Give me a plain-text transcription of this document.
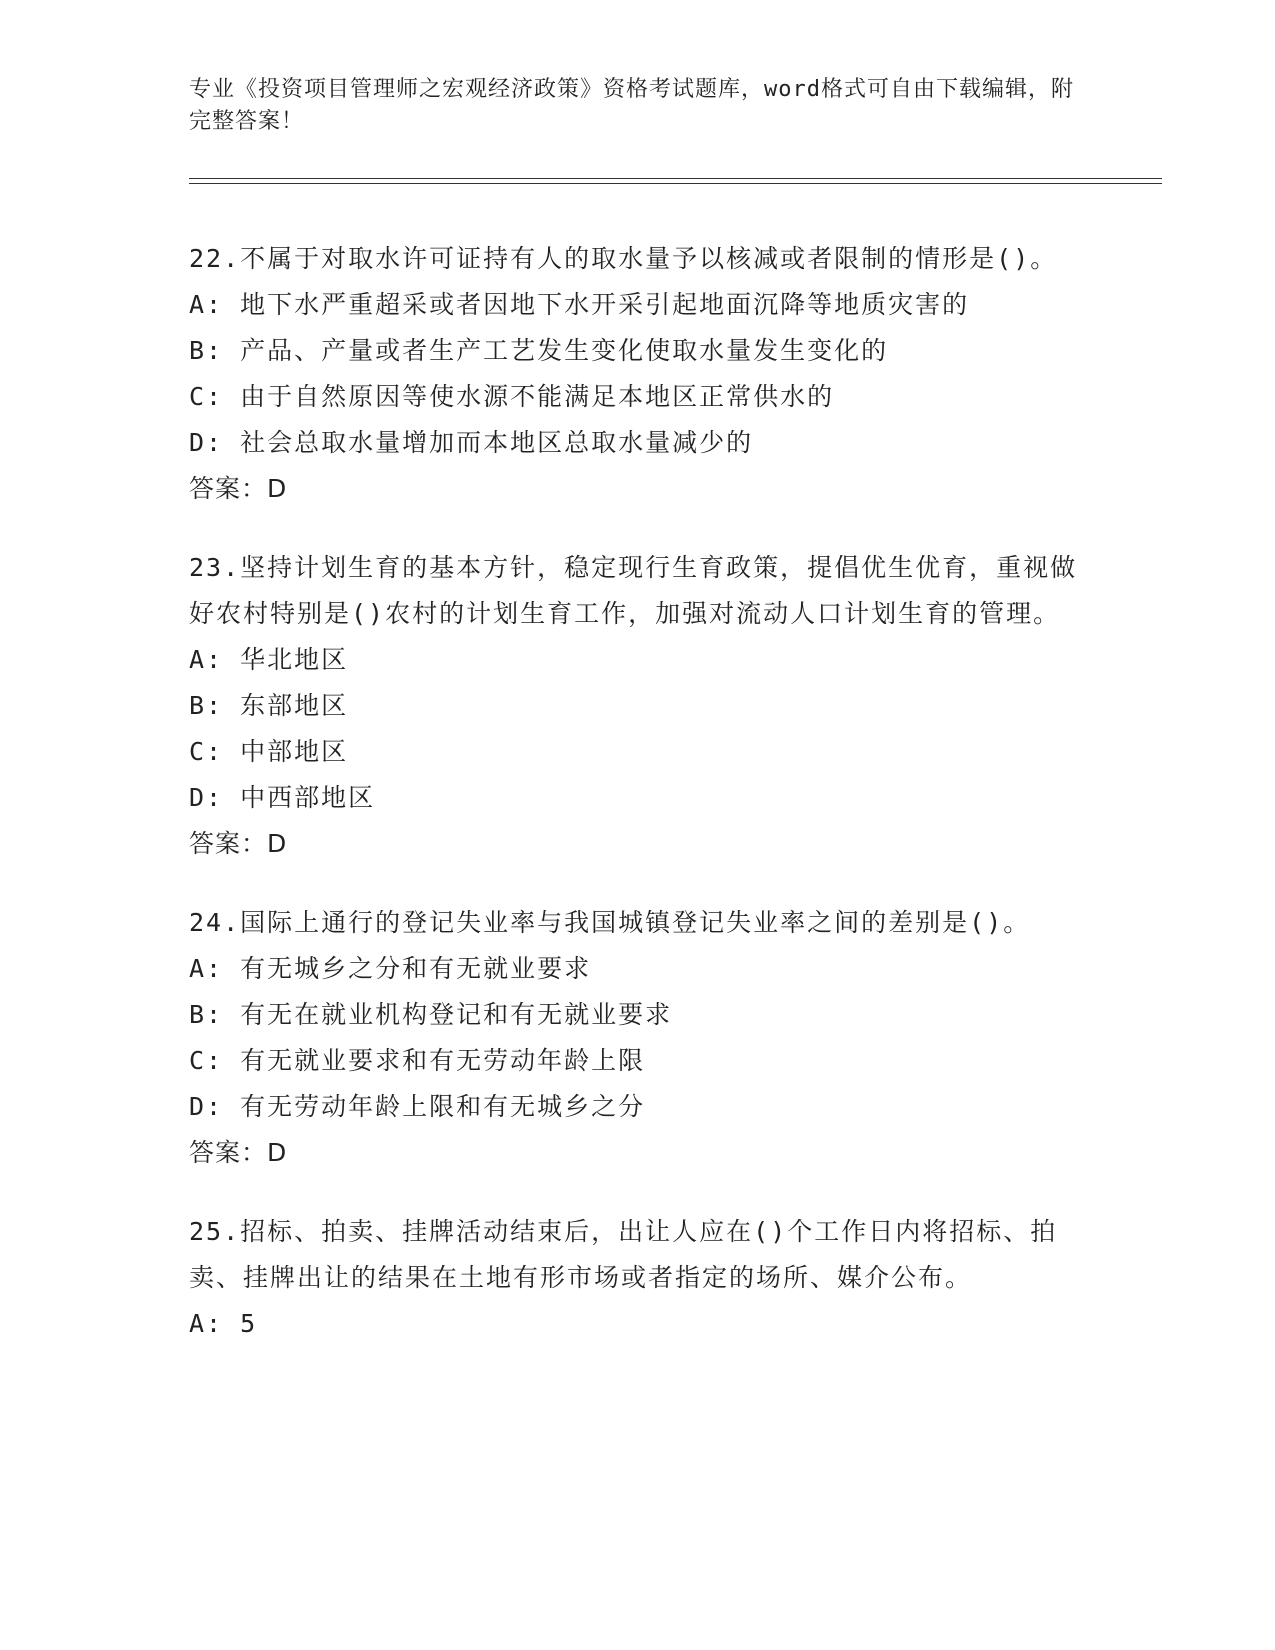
专业《投资项目管理师之宏观经济政策》资格考试题库，word格式可自由下载编辑，附完整答案！
22.不属于对取水许可证持有人的取水量予以核减或者限制的情形是()。
A: 地下水严重超采或者因地下水开采引起地面沉降等地质灾害的
B: 产品、产量或者生产工艺发生变化使取水量发生变化的
C: 由于自然原因等使水源不能满足本地区正常供水的
D: 社会总取水量增加而本地区总取水量减少的
答案：D
23.坚持计划生育的基本方针，稳定现行生育政策，提倡优生优育，重视做好农村特别是()农村的计划生育工作，加强对流动人口计划生育的管理。
A: 华北地区
B: 东部地区
C: 中部地区
D: 中西部地区
答案：D
24.国际上通行的登记失业率与我国城镇登记失业率之间的差别是()。
A: 有无城乡之分和有无就业要求
B: 有无在就业机构登记和有无就业要求
C: 有无就业要求和有无劳动年龄上限
D: 有无劳动年龄上限和有无城乡之分
答案：D
25.招标、拍卖、挂牌活动结束后，出让人应在()个工作日内将招标、拍卖、挂牌出让的结果在土地有形市场或者指定的场所、媒介公布。
A: 5
